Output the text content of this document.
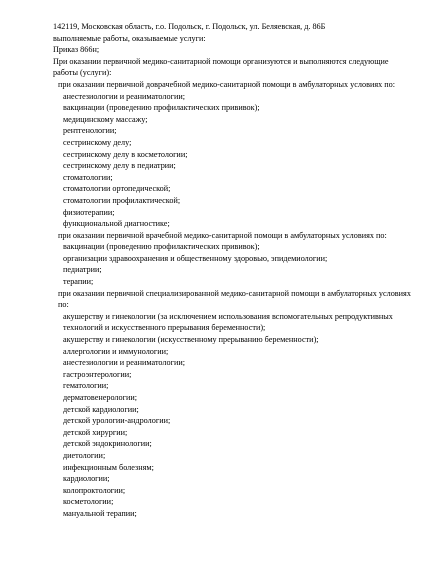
142119, Московская область, г.о. Подольск, г. Подольск, ул. Беляевская, д. 86Б
выполняемые работы, оказываемые услуги:
Приказ 866н;
При оказании первичной медико-санитарной помощи организуются и выполняются следующие работы (услуги):
при оказании первичной доврачебной медико-санитарной помощи в амбулаторных условиях по:
анестезиологии и реаниматологии;
вакцинации (проведению профилактических прививок);
медицинскому массажу;
рентгенологии;
сестринскому делу;
сестринскому делу в косметологии;
сестринскому делу в педиатрии;
стоматологии;
стоматологии ортопедической;
стоматологии профилактической;
физиотерапии;
функциональной диагностике;
при оказании первичной врачебной медико-санитарной помощи в амбулаторных условиях по:
вакцинации (проведению профилактических прививок);
организации здравоохранения и общественному здоровью, эпидемиологии;
педиатрии;
терапии;
при оказании первичной специализированной медико-санитарной помощи в амбулаторных условиях по:
акушерству и гинекологии (за исключением использования вспомогательных репродуктивных технологий и искусственного прерывания беременности);
акушерству и гинекологии (искусственному прерыванию беременности);
аллергологии и иммунологии;
анестезиологии и реаниматологии;
гастроэнтерологии;
гематологии;
дерматовенерологии;
детской кардиологии;
детской урологии-андрологии;
детской хирургии;
детской эндокринологии;
диетологии;
инфекционным болезням;
кардиологии;
колопроктологии;
косметологии;
мануальной терапии;
